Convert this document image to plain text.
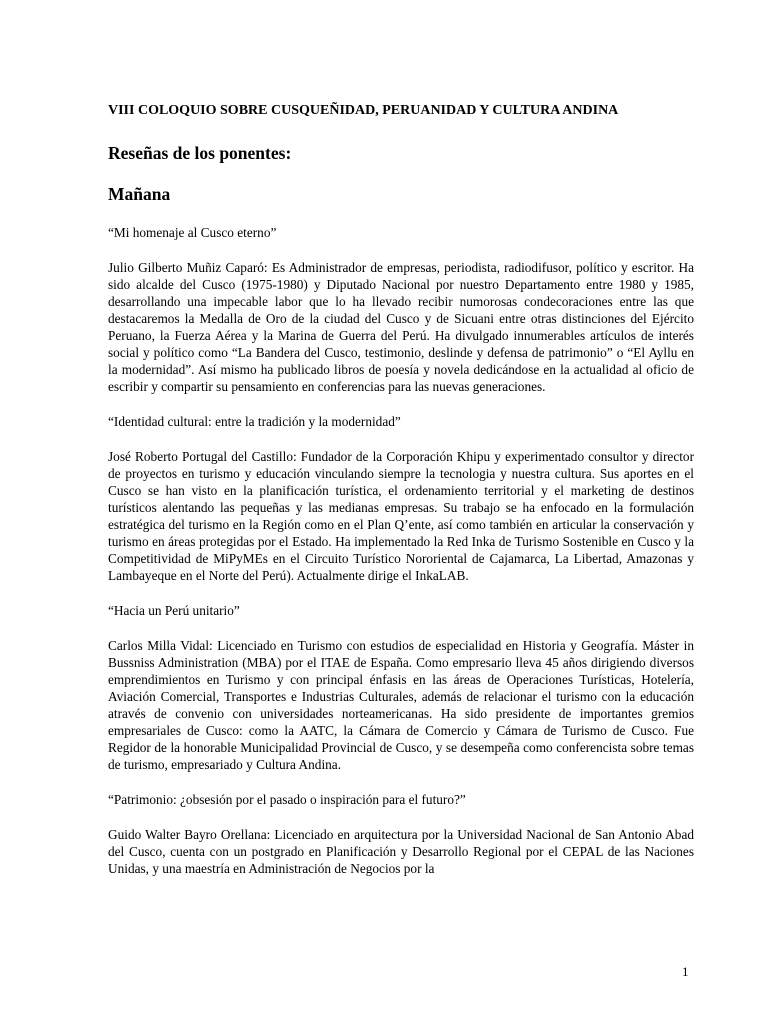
VIII COLOQUIO SOBRE CUSQUEÑIDAD, PERUANIDAD Y CULTURA ANDINA
Reseñas de los ponentes:
Mañana
“Mi homenaje al Cusco eterno”
Julio Gilberto Muñiz Caparó: Es Administrador de empresas, periodista, radiodifusor, político y escritor. Ha sido alcalde del Cusco (1975-1980) y Diputado Nacional por nuestro Departamento entre 1980 y 1985, desarrollando una impecable labor que lo ha llevado recibir numorosas condecoraciones entre las que destacaremos la Medalla de Oro de la ciudad del Cusco y de Sicuani entre otras distinciones del Ejército Peruano, la Fuerza Aérea y la Marina de Guerra del Perú. Ha divulgado innumerables artículos de interés social y político como “La Bandera del Cusco, testimonio, deslinde y defensa de patrimonio” o “El Ayllu en la modernidad”. Así mismo ha publicado libros de poesía y novela dedicándose en la actualidad al oficio de escribir y compartir su pensamiento en conferencias para las nuevas generaciones.
“Identidad cultural: entre la tradición y la modernidad”
José Roberto Portugal del Castillo: Fundador de la Corporación Khipu y experimentado consultor y director de proyectos en turismo y educación vinculando siempre la tecnologia y nuestra cultura. Sus aportes en el Cusco se han visto en la planificación turística, el ordenamiento territorial y el marketing de destinos turísticos alentando las pequeñas y las medianas empresas. Su trabajo se ha enfocado en la formulación estratégica del turismo en la Región como en el Plan Q’ente, así como también en articular la conservación y turismo en áreas protegidas por el Estado. Ha implementado la Red Inka de Turismo Sostenible en Cusco y la Competitividad de MiPyMEs en el Circuito Turístico Nororiental de Cajamarca, La Libertad, Amazonas y Lambayeque en el Norte del Perú). Actualmente dirige el InkaLAB.
“Hacia un Perú unitario”
Carlos Milla Vidal: Licenciado en Turismo con estudios de especialidad en Historia y Geografía. Máster in Bussniss Administration (MBA) por el ITAE de España. Como empresario lleva 45 años dirigiendo diversos emprendimientos en Turismo y con principal énfasis en las áreas de Operaciones Turísticas, Hotelería, Aviación Comercial, Transportes e Industrias Culturales, además de relacionar el turismo con la educación através de convenio con universidades norteamericanas. Ha sido presidente de importantes gremios empresariales de Cusco: como la AATC, la Cámara de Comercio y Cámara de Turismo de Cusco. Fue Regidor de la honorable Municipalidad Provincial de Cusco, y se desempeña como conferencista sobre temas de turismo, empresariado y Cultura Andina.
“Patrimonio: ¿obsesión por el pasado o inspiración para el futuro?”
Guido Walter Bayro Orellana: Licenciado en arquitectura por la Universidad Nacional de San Antonio Abad del Cusco, cuenta con un postgrado en Planificación y Desarrollo Regional por el CEPAL de las Naciones Unidas, y una maestría en Administración de Negocios por la
1
